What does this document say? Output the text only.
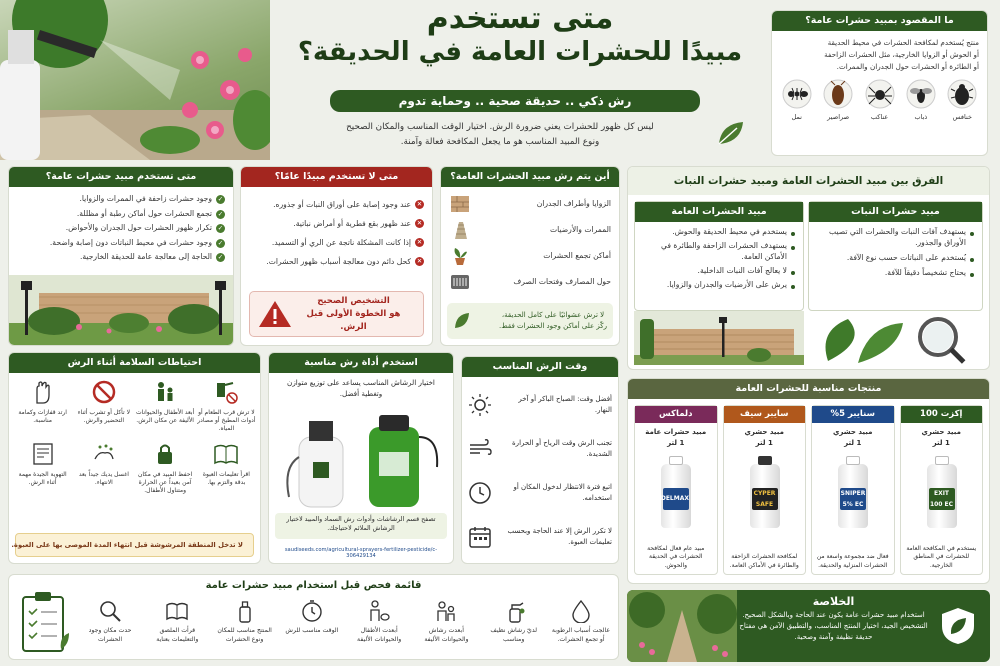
متى تستخدم
مبيدًا للحشرات العامة في الحديقة؟
رش ذكي .. حديقة صحية .. وحماية تدوم
ليس كل ظهور للحشرات يعني ضرورة الرش. اختيار الوقت المناسب والمكان الصحيح
ونوع المبيد المناسب هو ما يجعل المكافحة فعالة وآمنة.
ما المقصود بمبيد حشرات عامة؟
منتج يُستخدم لمكافحة الحشرات في محيط الحديقة
أو الحوش أو الزوايا الخارجية، مثل الحشرات الزاحفة
أو الطائرة أو الحشرات حول الجدران والممرات.
خنافس
ذباب
عناكب
صراصير
نمل
متى تستخدم مبيد حشرات عامة؟
✓
وجود حشرات زاحفة في الممرات والزوايا.
✓
تجمع الحشرات حول أماكن رطبة أو مظللة.
✓
تكرار ظهور الحشرات حول الجدران والأحواض.
✓
وجود حشرات في محيط النباتات دون إصابة واضحة.
✓
الحاجة إلى معالجة عامة للحديقة الخارجية.
متى لا تستخدم مبيدًا عامًا؟
✕
عند وجود إصابة على أوراق النبات أو جذوره.
✕
عند ظهور بقع فطرية أو أمراض نباتية.
✕
إذا كانت المشكلة ناتجة عن الري أو التسميد.
✕
كحل دائم دون معالجة أسباب ظهور الحشرات.
التشخيص الصحيح
هو الخطوة الأولى قبل الرش.
أين يتم رش مبيد الحشرات العامة؟
الزوايا وأطراف الجدران
الممرات والأرضيات
أماكن تجمع الحشرات
حول المصارف وفتحات الصرف
لا ترش عشوائيًا على كامل الحديقة،
ركّز على أماكن وجود الحشرات فقط.
الفرق بين مبيد الحشرات العامة ومبيد حشرات النبات
مبيد حشرات النبات
يستهدف آفات النبات والحشرات التي تصيب الأوراق والجذور.
يُستخدم على النباتات حسب نوع الآفة.
يحتاج تشخيصاً دقيقاً للآفة.
مبيد الحشرات العامة
يستخدم في محيط الحديقة والحوش.
يستهدف الحشرات الزاحفة والطائرة في الأماكن العامة.
لا يعالج آفات النبات الداخلية.
يرش على الأرضيات والجدران والزوايا.
احتياطات السلامة أثناء الرش
لا ترش قرب الطعام أو أدوات المطبخ أو مصادر المياه.
أبعد الأطفال والحيوانات الأليفة عن مكان الرش.
لا تأكل أو تشرب أثناء التحضير والرش.
ارتد قفازات وكمامة مناسبة.
اقرأ تعليمات العبوة بدقة والتزم بها.
احفظ المبيد في مكان آمن بعيداً عن الحرارة ومتناول الأطفال.
اغسل يديك جيداً بعد الانتهاء.
التهوية الجيدة مهمة أثناء الرش.
لا تدخل المنطقة المرشوشة قبل انتهاء المدة الموصى بها على العبوة.
استخدم أداة رش مناسبة
اختيار الرشاش المناسب يساعد على توزيع متوازن وتغطية أفضل.
تصفح قسم الرشاشات وأدوات رش السماد والمبيد لاختيار الرشاش الملائم لاحتياجك.
saudiseeds.com/agricultural-sprayers-fertilizer-pesticide/c-306429134
وقت الرش المناسب
أفضل وقت: الصباح الباكر أو آخر النهار.
تجنب الرش وقت الرياح أو الحرارة الشديدة.
اتبع فترة الانتظار لدخول المكان أو استخدامه.
لا تكرر الرش إلا عند الحاجة وبحسب تعليمات العبوة.
منتجات مناسبة للحشرات العامة
إكزت 100
مبيد حشري
1 لتر
EXIT 100 EC
يستخدم في المكافحة العامة للحشرات في المناطق الخارجية.
سنايبر 5%
مبيد حشري
1 لتر
SNIPER 5% EC
فعال ضد مجموعة واسعة من الحشرات المنزلية والحديقة.
سايبر سيف
مبيد حشري
1 لتر
CYPER SAFE
لمكافحة الحشرات الزاحفة والطائرة في الأماكن العامة.
دلماكس
مبيد حشرات عامة
1 لتر
DELMAX
مبيد عام فعال لمكافحة الحشرات في الحديقة والحوش.
قائمة فحص قبل استخدام مبيد حشرات عامة
عالجت أسباب الرطوبة أو تجمع الحشرات.
لديّ رشاش نظيف ومناسب
أبعدت رشاش والحيوانات الأليفة
أبعدت الأطفال والحيوانات الأليفة
الوقت مناسب للرش
المنتج مناسب للمكان ونوع الحشرات
قرأت الملصق والتعليمات بعناية
حدت مكان وجود الحشرات
الخلاصة
استخدام مبيد حشرات عامة يكون عند الحاجة وبالشكل الصحيح. التشخيص الجيد، اختيار المنتج المناسب، والتطبيق الآمن هي مفتاح حديقة نظيفة وآمنة وصحية.
